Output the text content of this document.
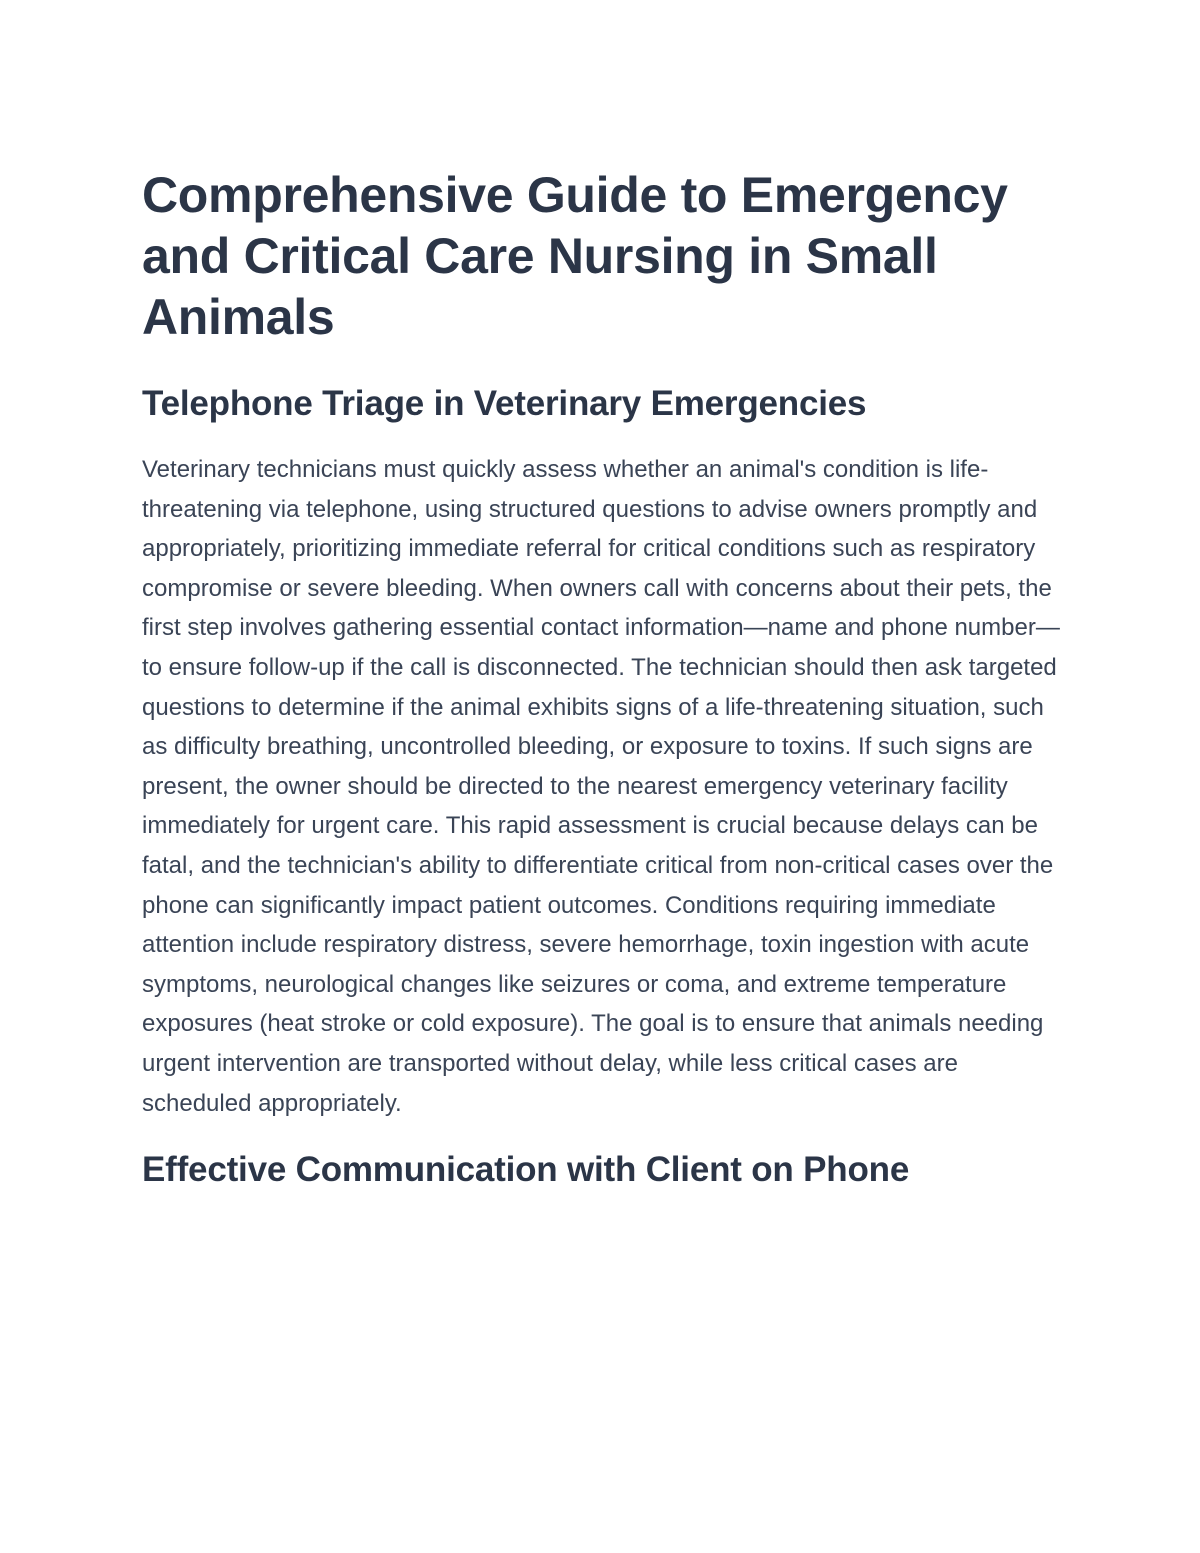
Comprehensive Guide to Emergency and Critical Care Nursing in Small Animals
Telephone Triage in Veterinary Emergencies

Veterinary technicians must quickly assess whether an animal's condition is life-threatening via telephone, using structured questions to advise owners promptly and appropriately, prioritizing immediate referral for critical conditions such as respiratory compromise or severe bleeding. When owners call with concerns about their pets, the first step involves gathering essential contact information—name and phone number—to ensure follow-up if the call is disconnected. The technician should then ask targeted questions to determine if the animal exhibits signs of a life-threatening situation, such as difficulty breathing, uncontrolled bleeding, or exposure to toxins. If such signs are present, the owner should be directed to the nearest emergency veterinary facility immediately for urgent care. This rapid assessment is crucial because delays can be fatal, and the technician's ability to differentiate critical from non-critical cases over the phone can significantly impact patient outcomes. Conditions requiring immediate attention include respiratory distress, severe hemorrhage, toxin ingestion with acute symptoms, neurological changes like seizures or coma, and extreme temperature exposures (heat stroke or cold exposure). The goal is to ensure that animals needing urgent intervention are transported without delay, while less critical cases are scheduled appropriately.

Effective Communication with Client on Phone
